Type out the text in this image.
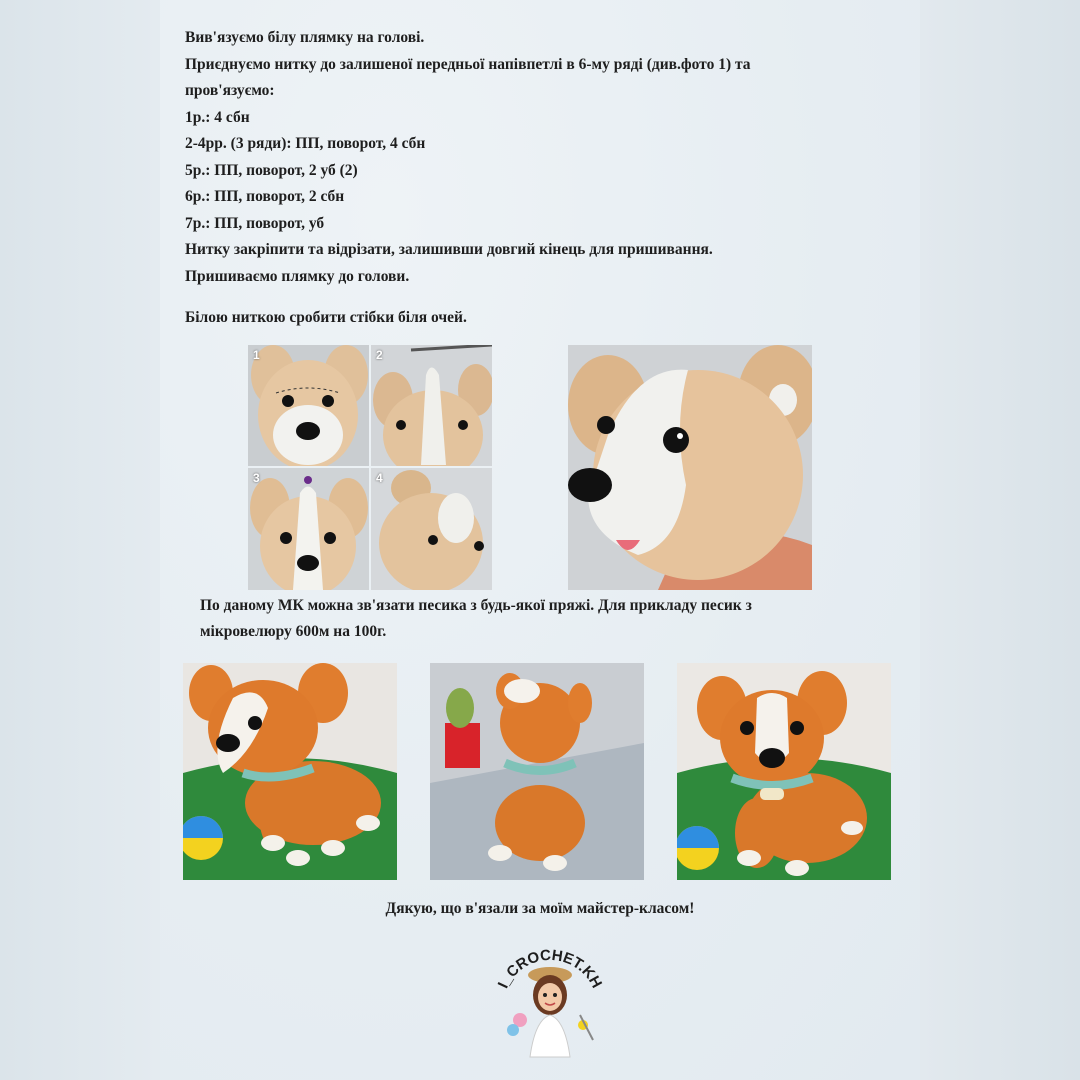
Вив'язуємо білу плямку на голові.
Приєднуємо нитку до залишеної передньої напівпетлі в 6-му ряді (див.фото 1) та
пров'язуємо:
1р.: 4 сбн
2-4рр. (3 ряди): ПП, поворот, 4 сбн
5р.: ПП, поворот, 2 уб (2)
6р.: ПП, поворот, 2 сбн
7р.: ПП, поворот, уб
Нитку закріпити та відрізати, залишивши довгий кінець для пришивання.
Пришиваємо плямку до голови.
Білою ниткою сробити стібки біля очей.
1	2
3	4
По даному МК можна зв'язати песика з будь-якої пряжі. Для прикладу песик з
мікровелюру 600м на 100г.
Дякую, що в'язали за моїм майстер-класом!
I_CROCHET.KH
